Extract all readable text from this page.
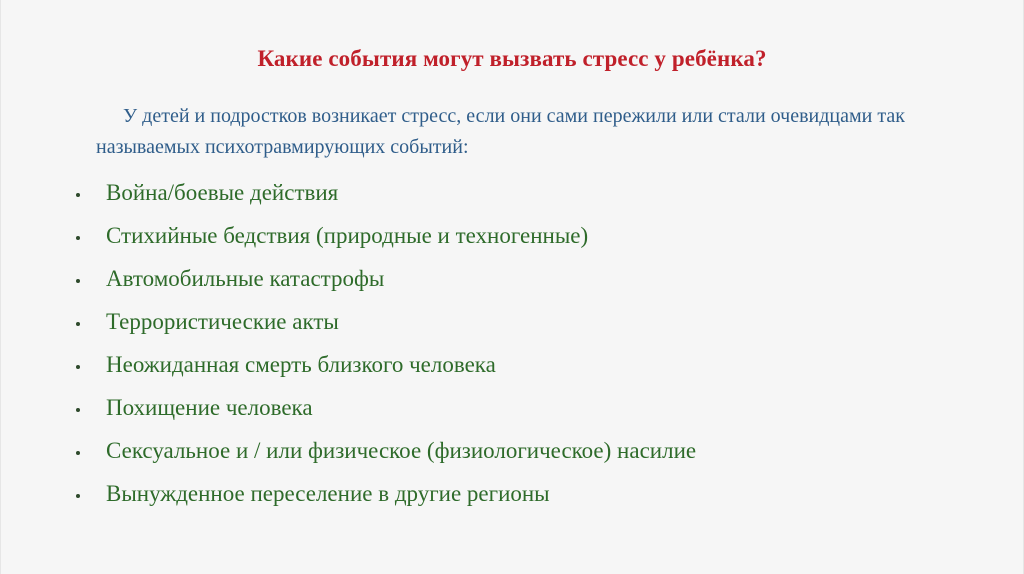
Какие события могут вызвать стресс у ребёнка?
У детей и подростков возникает стресс, если они сами пережили или стали очевидцами так называемых психотравмирующих событий:
Война/боевые действия
Стихийные бедствия (природные и техногенные)
Автомобильные катастрофы
Террористические акты
Неожиданная смерть близкого человека
Похищение человека
Сексуальное и / или физическое (физиологическое) насилие
Вынужденное переселение в другие регионы
